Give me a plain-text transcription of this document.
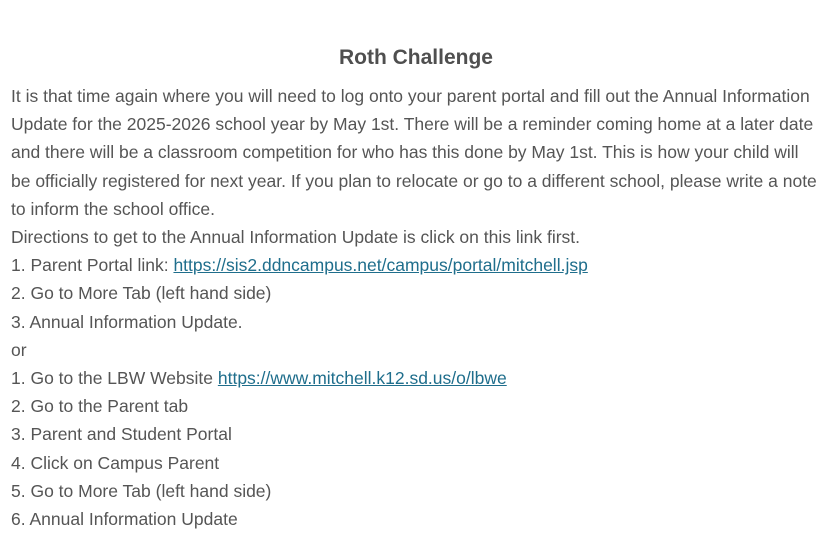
Roth Challenge

It is that time again where you will need to log onto your parent portal and fill out the Annual Information Update for the 2025-2026 school year by May 1st. There will be a reminder coming home at a later date and there will be a classroom competition for who has this done by May 1st. This is how your child will be officially registered for next year. If you plan to relocate or go to a different school, please write a note to inform the school office.

Directions to get to the Annual Information Update is click on this link first.

1. Parent Portal link: https://sis2.ddncampus.net/campus/portal/mitchell.jsp

2. Go to More Tab (left hand side)

3. Annual Information Update.

or

1. Go to the LBW Website https://www.mitchell.k12.sd.us/o/lbwe

2. Go to the Parent tab

3. Parent and Student Portal

4. Click on Campus Parent

5. Go to More Tab (left hand side)

6. Annual Information Update
